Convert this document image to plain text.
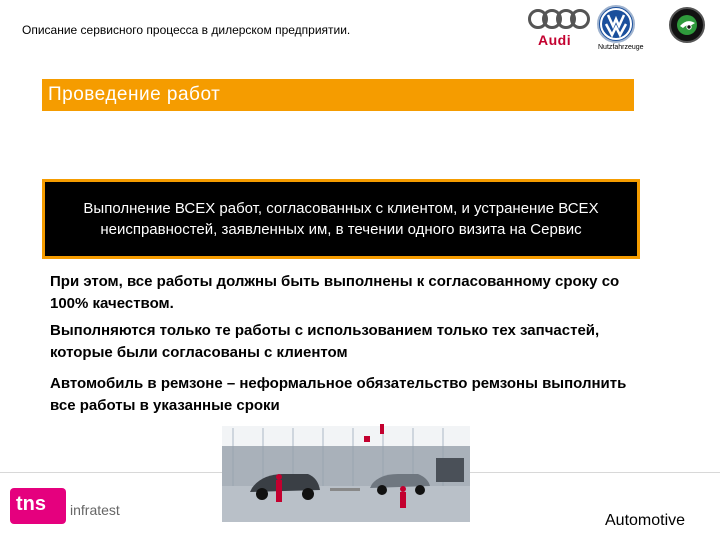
Описание сервисного процесса в дилерском предприятии.
Audi	Nutzfahrzeuge
Проведение работ
Выполнение ВСЕХ работ, согласованных с клиентом, и устранение ВСЕХ неисправностей, заявленных им, в течении одного визита на Сервис
При этом, все работы должны быть выполнены к согласованному сроку со 100% качеством.
Выполняются только те работы с использованием только тех запчастей, которые были согласованы с клиентом
Автомобиль в ремзоне – неформальное обязательство ремзоны выполнить все работы в указанные сроки
tns infratest
Automotive
